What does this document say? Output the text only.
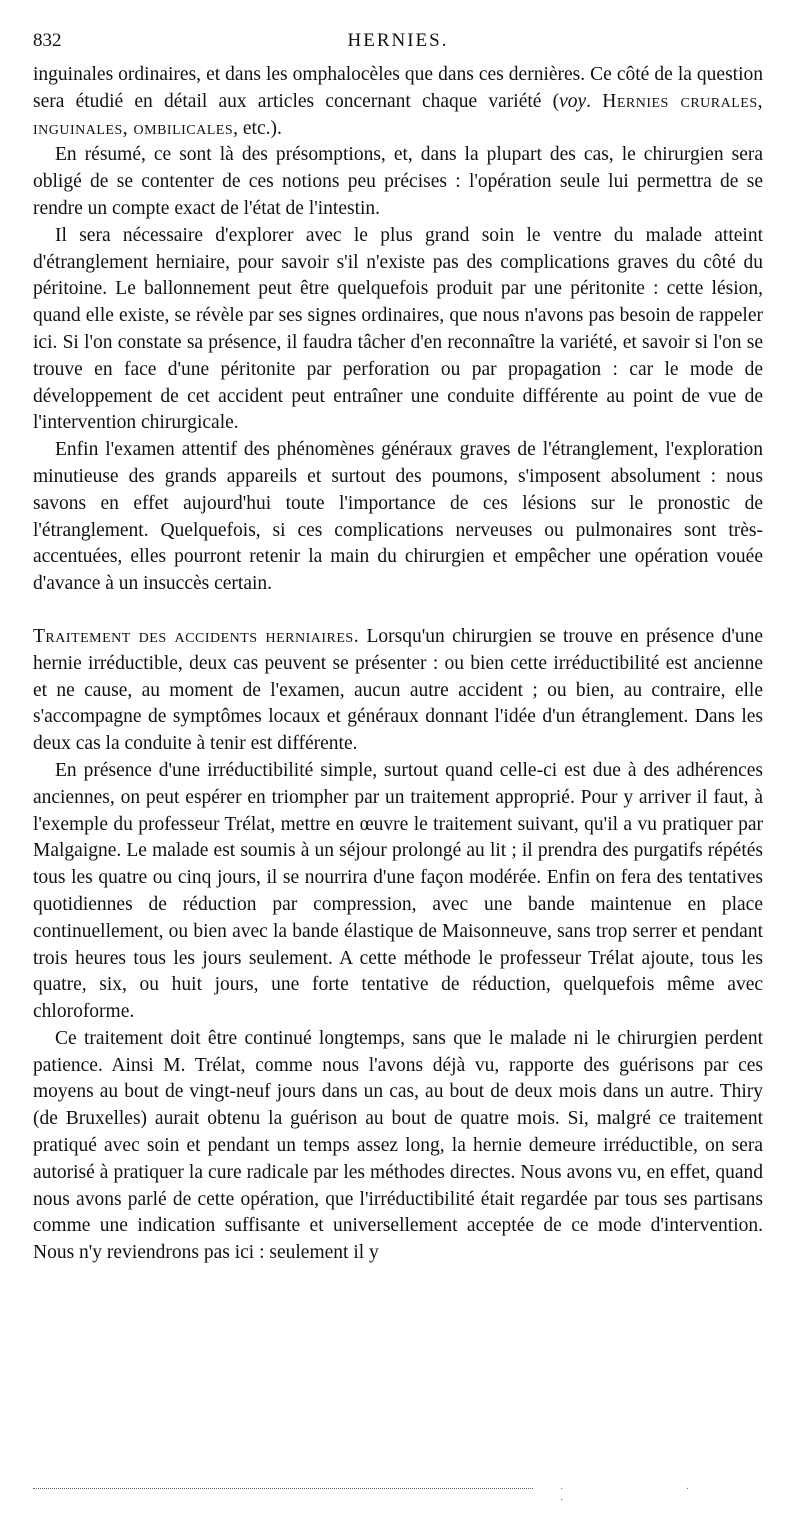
832	HERNIES.

inguinales ordinaires, et dans les omphalocèles que dans ces dernières. Ce côté de la question sera étudié en détail aux articles concernant chaque variété (voy. Hernies crurales, inguinales, ombilicales, etc.).

En résumé, ce sont là des présomptions, et, dans la plupart des cas, le chirurgien sera obligé de se contenter de ces notions peu précises : l'opération seule lui permettra de se rendre un compte exact de l'état de l'intestin.

Il sera nécessaire d'explorer avec le plus grand soin le ventre du malade atteint d'étranglement herniaire, pour savoir s'il n'existe pas des complications graves du côté du péritoine. Le ballonnement peut être quelquefois produit par une péritonite : cette lésion, quand elle existe, se révèle par ses signes ordinaires, que nous n'avons pas besoin de rappeler ici. Si l'on constate sa présence, il faudra tâcher d'en reconnaître la variété, et savoir si l'on se trouve en face d'une péritonite par perforation ou par propagation : car le mode de développement de cet accident peut entraîner une conduite différente au point de vue de l'intervention chirurgicale.

Enfin l'examen attentif des phénomènes généraux graves de l'étranglement, l'exploration minutieuse des grands appareils et surtout des poumons, s'imposent absolument : nous savons en effet aujourd'hui toute l'importance de ces lésions sur le pronostic de l'étranglement. Quelquefois, si ces complications nerveuses ou pulmonaires sont très-accentuées, elles pourront retenir la main du chirurgien et empêcher une opération vouée d'avance à un insuccès certain.

Traitement des accidents herniaires. Lorsqu'un chirurgien se trouve en présence d'une hernie irréductible, deux cas peuvent se présenter : ou bien cette irréductibilité est ancienne et ne cause, au moment de l'examen, aucun autre accident ; ou bien, au contraire, elle s'accompagne de symptômes locaux et généraux donnant l'idée d'un étranglement. Dans les deux cas la conduite à tenir est différente.

En présence d'une irréductibilité simple, surtout quand celle-ci est due à des adhérences anciennes, on peut espérer en triompher par un traitement approprié. Pour y arriver il faut, à l'exemple du professeur Trélat, mettre en œuvre le traitement suivant, qu'il a vu pratiquer par Malgaigne. Le malade est soumis à un séjour prolongé au lit ; il prendra des purgatifs répétés tous les quatre ou cinq jours, il se nourrira d'une façon modérée. Enfin on fera des tentatives quotidiennes de réduction par compression, avec une bande maintenue en place continuellement, ou bien avec la bande élastique de Maisonneuve, sans trop serrer et pendant trois heures tous les jours seulement. A cette méthode le professeur Trélat ajoute, tous les quatre, six, ou huit jours, une forte tentative de réduction, quelquefois même avec chloroforme.

Ce traitement doit être continué longtemps, sans que le malade ni le chirurgien perdent patience. Ainsi M. Trélat, comme nous l'avons déjà vu, rapporte des guérisons par ces moyens au bout de vingt-neuf jours dans un cas, au bout de deux mois dans un autre. Thiry (de Bruxelles) aurait obtenu la guérison au bout de quatre mois. Si, malgré ce traitement pratiqué avec soin et pendant un temps assez long, la hernie demeure irréductible, on sera autorisé à pratiquer la cure radicale par les méthodes directes. Nous avons vu, en effet, quand nous avons parlé de cette opération, que l'irréductibilité était regardée par tous ses partisans comme une indication suffisante et universellement acceptée de ce mode d'intervention. Nous n'y reviendrons pas ici : seulement il y

· · ·
